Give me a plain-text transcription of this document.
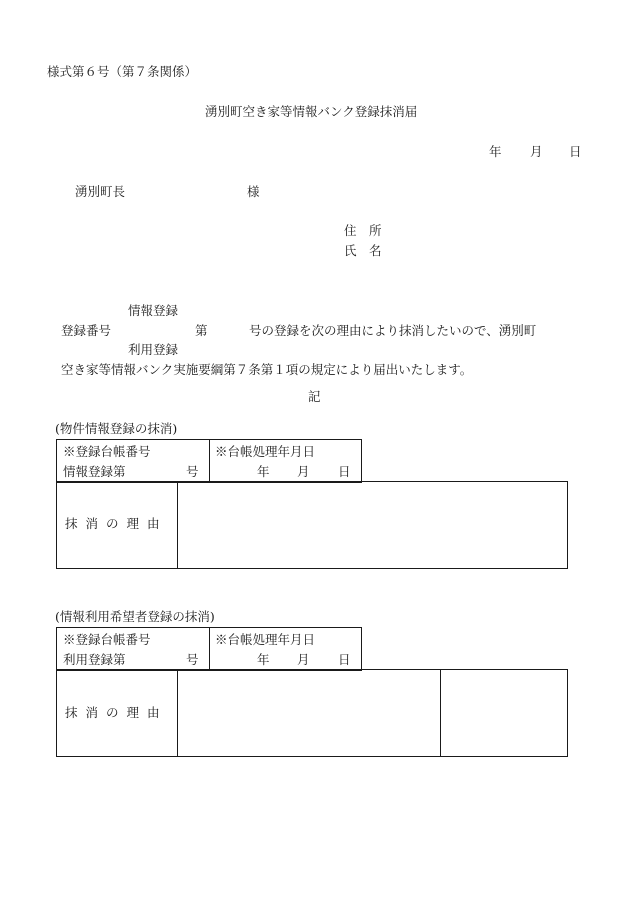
様式第６号（第７条関係）
湧別町空き家等情報バンク登録抹消届
年 月 日
湧別町長	様
住　所
氏　名
情報登録
登録番号	第	号の登録を次の理由により抹消したいので、湧別町
利用登録
空き家等情報バンク実施要綱第７条第１項の規定により届出いたします。
記
(物件情報登録の抹消)
※登録台帳番号
情報登録第	号
※台帳処理年月日
年 月 日
抹消の理由
(情報利用希望者登録の抹消)
※登録台帳番号
利用登録第	号
※台帳処理年月日
年 月 日
抹消の理由
